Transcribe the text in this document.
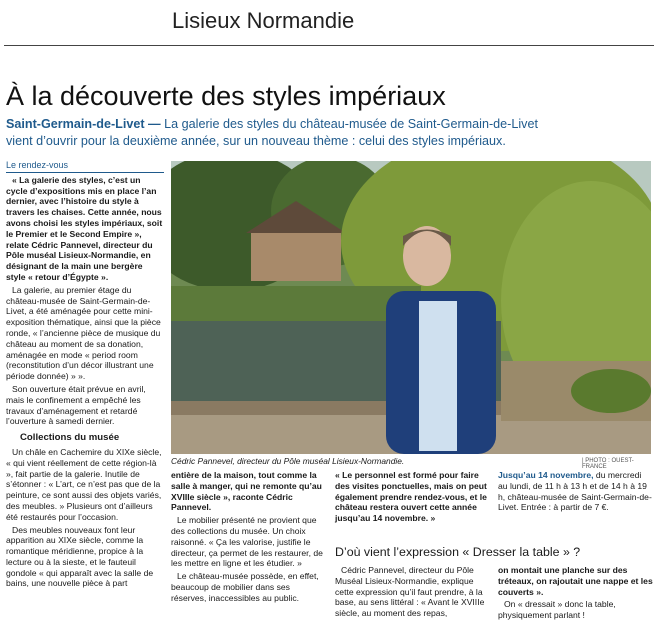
Lisieux Normandie
À la découverte des styles impériaux
Saint-Germain-de-Livet — La galerie des styles du château-musée de Saint-Germain-de-Livet
vient d’ouvrir pour la deuxième année, sur un nouveau thème : celui des styles impériaux.
Le rendez-vous

« La galerie des styles, c’est un cycle d’expositions mis en place l’an dernier, avec l’histoire du style à travers les chaises. Cette année, nous avons choisi les styles impériaux, soit le Premier et le Second Empire », relate Cédric Pannevel, directeur du Pôle muséal Lisieux-Normandie, en désignant de la main une bergère style « retour d’Égypte ».

La galerie, au premier étage du château-musée de Saint-Germain-de-Livet, a été aménagée pour cette mini-exposition thématique, ainsi que la pièce ronde, « l’ancienne pièce de musique du château au moment de sa donation, aménagée en mode « period room (reconstitution d’un décor illustrant une période donnée) » ».

Son ouverture était prévue en avril, mais le confinement a empêché les travaux d’aménagement et retardé l’ouverture à samedi dernier.

Collections du musée

Un châle en Cachemire du XIXe siècle, « qui vient réellement de cette région-là », fait partie de la galerie. Inutile de s’étonner : « L’art, ce n’est pas que de la peinture, ce sont aussi des objets variés, des meubles. » Plusieurs ont d’ailleurs été restaurés pour l’occasion.

Des meubles nouveaux font leur apparition au XIXe siècle, comme la romantique méridienne, propice à la lecture ou à la sieste, et le fauteuil gondole « qui apparaît avec la salle de bains, une nouvelle pièce à part

Cédric Pannevel, directeur du Pôle muséal Lisieux-Normandie.	| PHOTO : OUEST-FRANCE

entière de la maison, tout comme la salle à manger, qui ne remonte qu’au XVIIIe siècle », raconte Cédric Pannevel.

Le mobilier présenté ne provient que des collections du musée. Un choix raisonné. « Ça les valorise, justifie le directeur, ça permet de les restaurer, de les mettre en ligne et les étudier. »

Le château-musée possède, en effet, beaucoup de mobilier dans ses réserves, inaccessibles au public.

« Le personnel est formé pour faire des visites ponctuelles, mais on peut également prendre rendez-vous, et le château restera ouvert cette année jusqu’au 14 novembre. »

D’où vient l’expression « Dresser la table » ?

Cédric Pannevel, directeur du Pôle Muséal Lisieux-Normandie, explique cette expression qu’il faut prendre, à la base, au sens littéral : « Avant le XVIIIe siècle, au moment des repas,

Jusqu’au 14 novembre, du mercredi au lundi, de 11 h à 13 h et de 14 h à 19 h, château-musée de Saint-Germain-de-Livet. Entrée : à partir de 7 €.

on montait une planche sur des tréteaux, on rajoutait une nappe et les couverts ».

On « dressait » donc la table, physiquement parlant !
